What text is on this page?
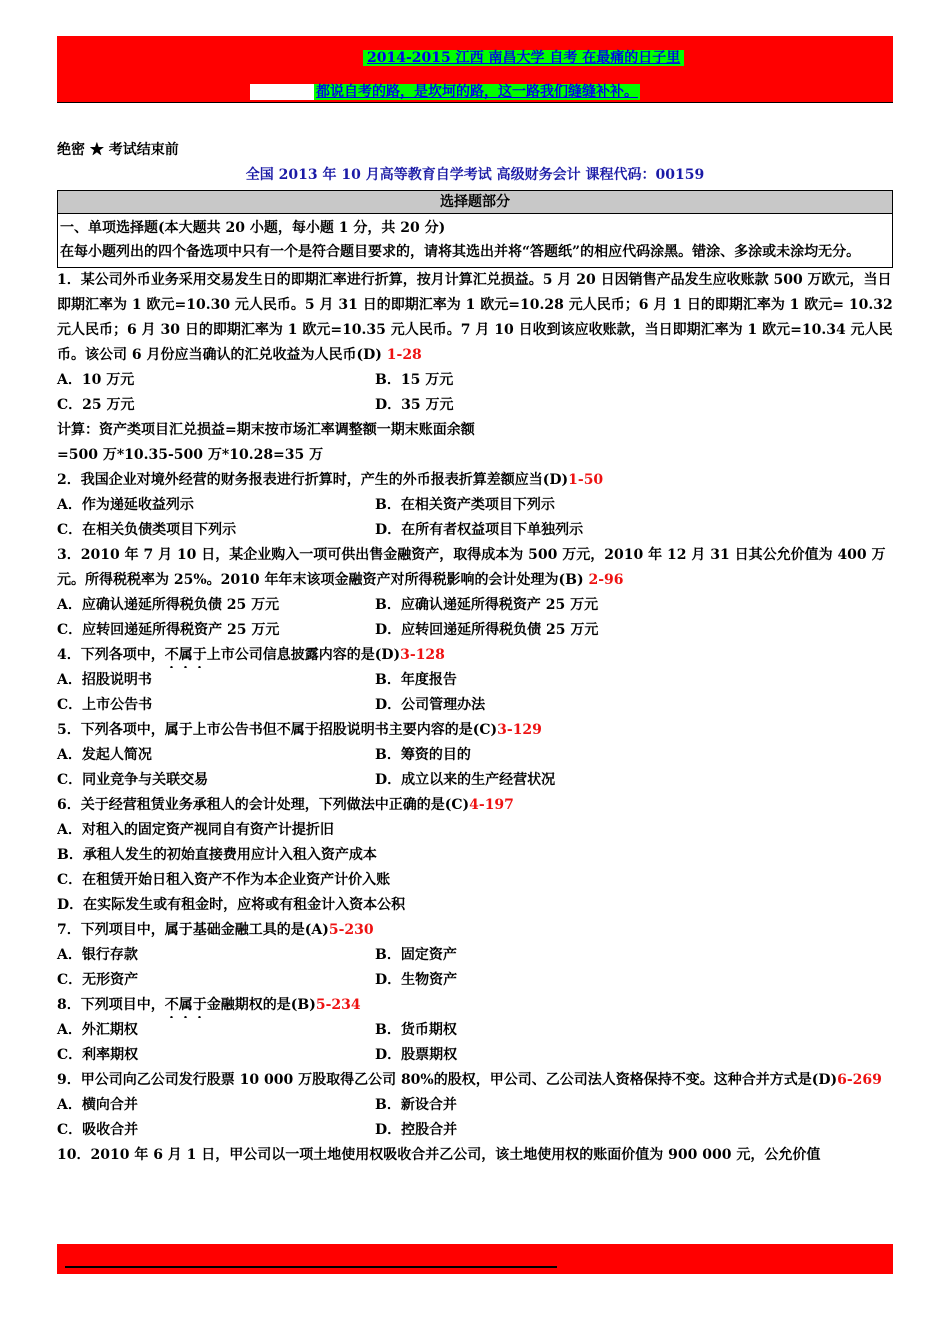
2014-2015 江西 南昌大学 自考 在最痛的日子里
都说自考的路，是坎坷的路，这一路我们缝缝补补。
绝密 ★ 考试结束前
全国 2013 年 10 月高等教育自学考试 高级财务会计 课程代码：00159
选择题部分
一、单项选择题(本大题共 20 小题，每小题 1 分，共 20 分)
在每小题列出的四个备选项中只有一个是符合题目要求的，请将其选出并将“答题纸”的相应代码涂黑。错涂、多涂或未涂均无分。
1．某公司外币业务采用交易发生日的即期汇率进行折算，按月计算汇兑损益。5 月 20 日因销售产品发生应收账款 500 万欧元，当日即期汇率为 1 欧元=10.30 元人民币。5 月 31 日的即期汇率为 1 欧元=10.28 元人民币；6 月 1 日的即期汇率为 1 欧元= 10.32 元人民币；6 月 30 日的即期汇率为 1 欧元=10.35 元人民币。7 月 10 日收到该应收账款，当日即期汇率为 1 欧元=10.34 元人民币。该公司 6 月份应当确认的汇兑收益为人民币(D) 1-28
A．10 万元	B．15 万元
C．25 万元	D．35 万元
计算：资产类项目汇兑损益=期末按市场汇率调整额一期末账面余额
=500 万*10.35-500 万*10.28=35 万
2．我国企业对境外经营的财务报表进行折算时，产生的外币报表折算差额应当(D)1-50
A．作为递延收益列示	B．在相关资产类项目下列示
C．在相关负债类项目下列示	D．在所有者权益项目下单独列示
3．2010 年 7 月 10 日，某企业购入一项可供出售金融资产，取得成本为 500 万元，2010 年 12 月 31 日其公允价值为 400 万元。所得税税率为 25%。2010 年年末该项金融资产对所得税影响的会计处理为(B) 2-96
A．应确认递延所得税负债 25 万元	B．应确认递延所得税资产 25 万元
C．应转回递延所得税资产 25 万元	D．应转回递延所得税负债 25 万元
4．下列各项中，不属于上市公司信息披露内容的是(D)3-128
A．招股说明书	B．年度报告
C．上市公告书	D．公司管理办法
5．下列各项中，属于上市公告书但不属于招股说明书主要内容的是(C)3-129
A．发起人简况	B．筹资的目的
C．同业竞争与关联交易	D．成立以来的生产经营状况
6．关于经营租赁业务承租人的会计处理，下列做法中正确的是(C)4-197
A．对租入的固定资产视同自有资产计提折旧
B．承租人发生的初始直接费用应计入租入资产成本
C．在租赁开始日租入资产不作为本企业资产计价入账
D．在实际发生或有租金时，应将或有租金计入资本公积
7．下列项目中，属于基础金融工具的是(A)5-230
A．银行存款	B．固定资产
C．无形资产	D．生物资产
8．下列项目中，不属于金融期权的是(B)5-234
A．外汇期权	B．货币期权
C．利率期权	D．股票期权
9．甲公司向乙公司发行股票 10 000 万股取得乙公司 80%的股权，甲公司、乙公司法人资格保持不变。这种合并方式是(D)6-269
A．横向合并	B．新设合并
C．吸收合并	D．控股合并
10．2010 年 6 月 1 日，甲公司以一项土地使用权吸收合并乙公司，该土地使用权的账面价值为 900 000 元，公允价值
